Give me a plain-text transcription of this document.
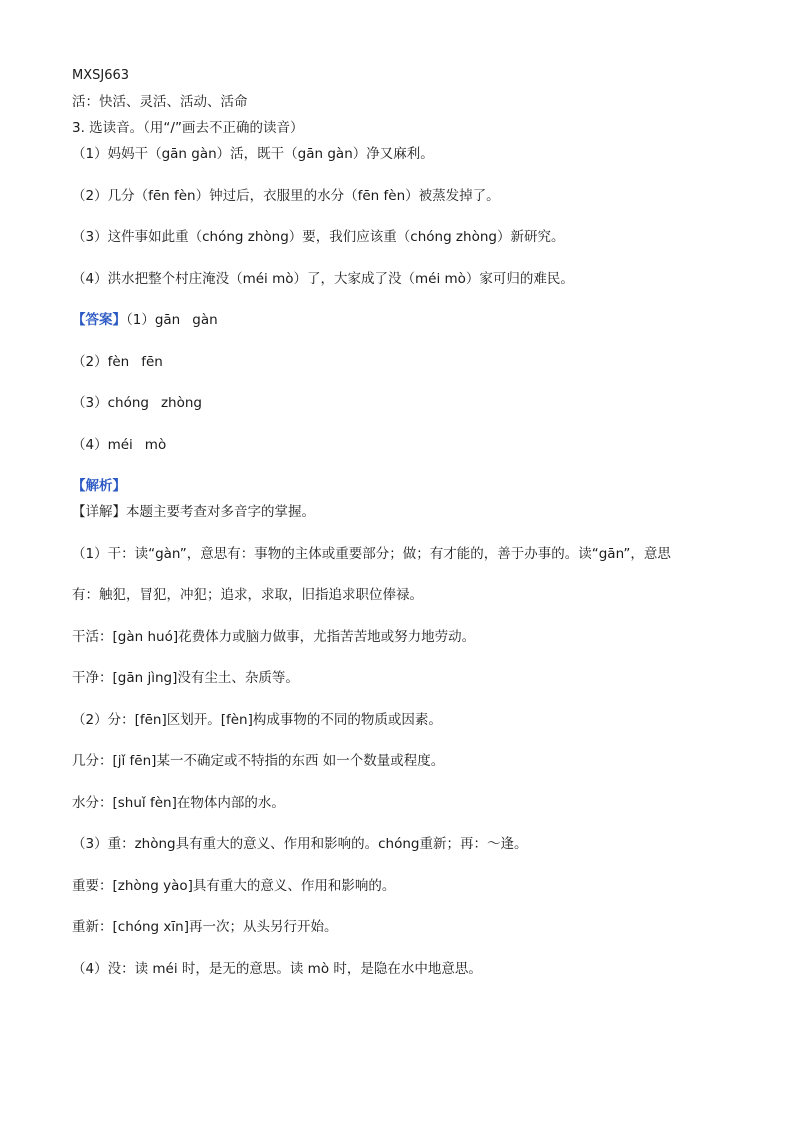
MXSJ663
活：快活、灵活、活动、活命
3. 选读音。（用“/”画去不正确的读音）
（1）妈妈干（gān gàn）活，既干（gān gàn）净又麻利。
（2）几分（fēn fèn）钟过后，衣服里的水分（fēn fèn）被蒸发掉了。
（3）这件事如此重（chóng zhòng）要，我们应该重（chóng zhòng）新研究。
（4）洪水把整个村庄淹没（méi mò）了，大家成了没（méi mò）家可归的难民。
【答案】（1）gān gàn
（2）fèn fēn
（3）chóng zhòng
（4）méi mò
【解析】
【详解】本题主要考查对多音字的掌握。
（1）干：读“gàn”，意思有：事物的主体或重要部分；做；有才能的，善于办事的。读“gān”，意思
有：触犯，冒犯，冲犯；追求，求取，旧指追求职位俸禄。
干活：[gàn huó]花费体力或脑力做事，尤指苦苦地或努力地劳动。
干净：[gān jìng]没有尘土、杂质等。
（2）分：[fēn]区划开。[fèn]构成事物的不同的物质或因素。
几分：[jǐ fēn]某一不确定或不特指的东西 如一个数量或程度。
水分：[shuǐ fèn]在物体内部的水。
（3）重：zhòng具有重大的意义、作用和影响的。chóng重新；再：～逢。
重要：[zhòng yào]具有重大的意义、作用和影响的。
重新：[chóng xīn]再一次；从头另行开始。
（4）没：读 méi 时，是无的意思。读 mò 时，是隐在水中地意思。
